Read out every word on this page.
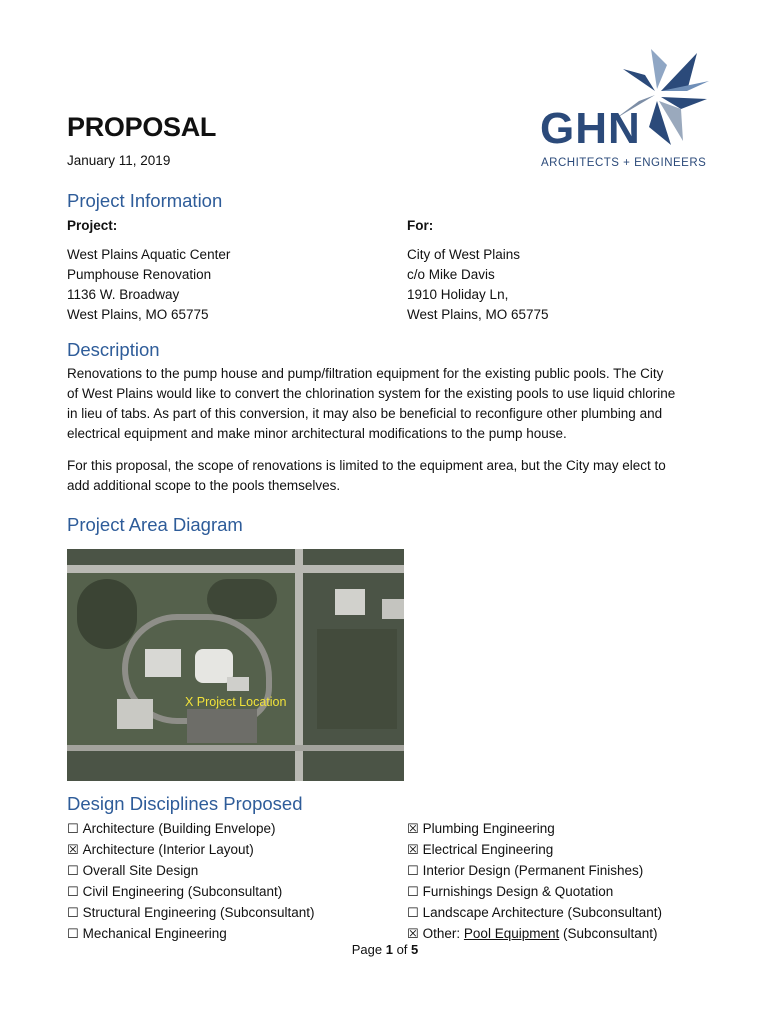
PROPOSAL
January 11, 2019
GHN
ARCHITECTS + ENGINEERS
Project Information
Project:	For:
West Plains Aquatic Center
Pumphouse Renovation
1136 W. Broadway
West Plains, MO 65775
City of West Plains
c/o Mike Davis
1910 Holiday Ln,
West Plains, MO 65775
Description
Renovations to the pump house and pump/filtration equipment for the existing public pools. The City
of West Plains would like to convert the chlorination system for the existing pools to use liquid chlorine
in lieu of tabs. As part of this conversion, it may also be beneficial to reconfigure other plumbing and
electrical equipment and make minor architectural modifications to the pump house.
For this proposal, the scope of renovations is limited to the equipment area, but the City may elect to
add additional scope to the pools themselves.
Project Area Diagram
X Project Location
Design Disciplines Proposed
☐ Architecture (Building Envelope)
☒ Architecture (Interior Layout)
☐ Overall Site Design
☐ Civil Engineering (Subconsultant)
☐ Structural Engineering (Subconsultant)
☐ Mechanical Engineering
☒ Plumbing Engineering
☒ Electrical Engineering
☐ Interior Design (Permanent Finishes)
☐ Furnishings Design & Quotation
☐ Landscape Architecture (Subconsultant)
☒ Other: Pool Equipment (Subconsultant)
Page 1 of 5
